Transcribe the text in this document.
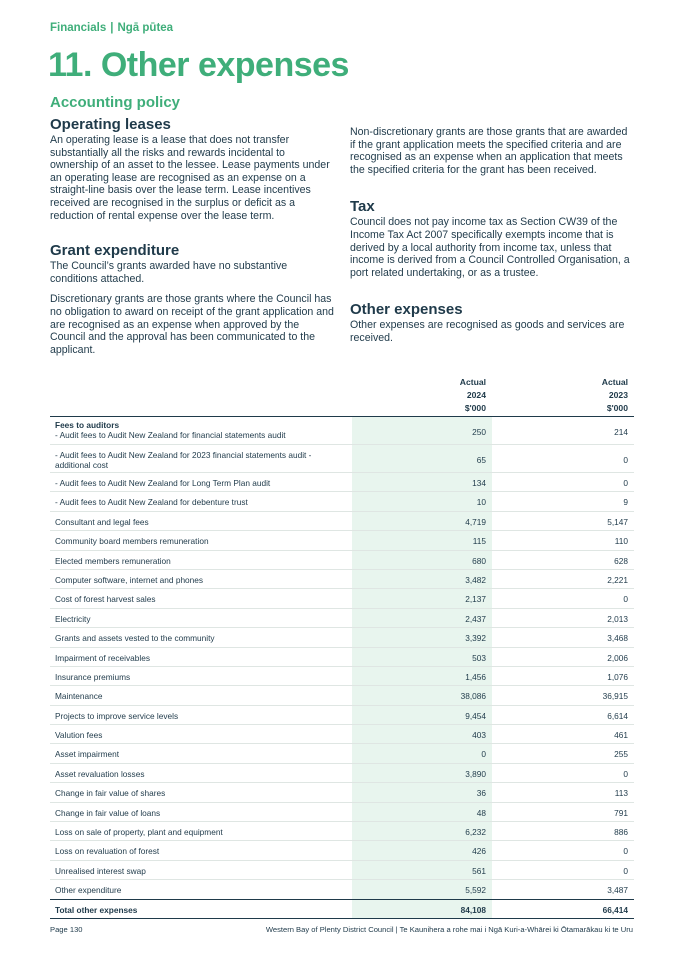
Financials | Ngā pūtea
11. Other expenses
Accounting policy
Operating leases

An operating lease is a lease that does not transfer substantially all the risks and rewards incidental to ownership of an asset to the lessee. Lease payments under an operating lease are recognised as an expense on a straight-line basis over the lease term. Lease incentives received are recognised in the surplus or deficit as a reduction of rental expense over the lease term.

Grant expenditure

The Council’s grants awarded have no substantive conditions attached.

Discretionary grants are those grants where the Council has no obligation to award on receipt of the grant application and are recognised as an expense when approved by the Council and the approval has been communicated to the applicant.

Non-discretionary grants are those grants that are awarded if the grant application meets the specified criteria and are recognised as an expense when an application that meets the specified criteria for the grant has been received.

Tax

Council does not pay income tax as Section CW39 of the Income Tax Act 2007 specifically exempts income that is derived by a local authority from income tax, unless that income is derived from a Council Controlled Organisation, a port related undertaking, or as a trustee.

Other expenses

Other expenses are recognised as goods and services are received.

Actual
2024
$'000
Actual
2023
$'000
Fees to auditors
- Audit fees to Audit New Zealand for financial statements audit	250	214
- Audit fees to Audit New Zealand for 2023 financial statements audit - additional cost	65	0
- Audit fees to Audit New Zealand for Long Term Plan audit	134	0
- Audit fees to Audit New Zealand for debenture trust	10	9
Consultant and legal fees	4,719	5,147
Community board members remuneration	115	110
Elected members remuneration	680	628
Computer software, internet and phones	3,482	2,221
Cost of forest harvest sales	2,137	0
Electricity	2,437	2,013
Grants and assets vested to the community	3,392	3,468
Impairment of receivables	503	2,006
Insurance premiums	1,456	1,076
Maintenance	38,086	36,915
Projects to improve service levels	9,454	6,614
Valution fees	403	461
Asset impairment	0	255
Asset revaluation losses	3,890	0
Change in fair value of shares	36	113
Change in fair value of loans	48	791
Loss on sale of property, plant and equipment	6,232	886
Loss on revaluation of forest	426	0
Unrealised interest swap	561	0
Other expenditure	5,592	3,487
Total other expenses	84,108	66,414
Page 130	Western Bay of Plenty District Council | Te Kaunihera a rohe mai i Ngā Kuri-a-Whārei ki Ōtamarākau ki te Uru
